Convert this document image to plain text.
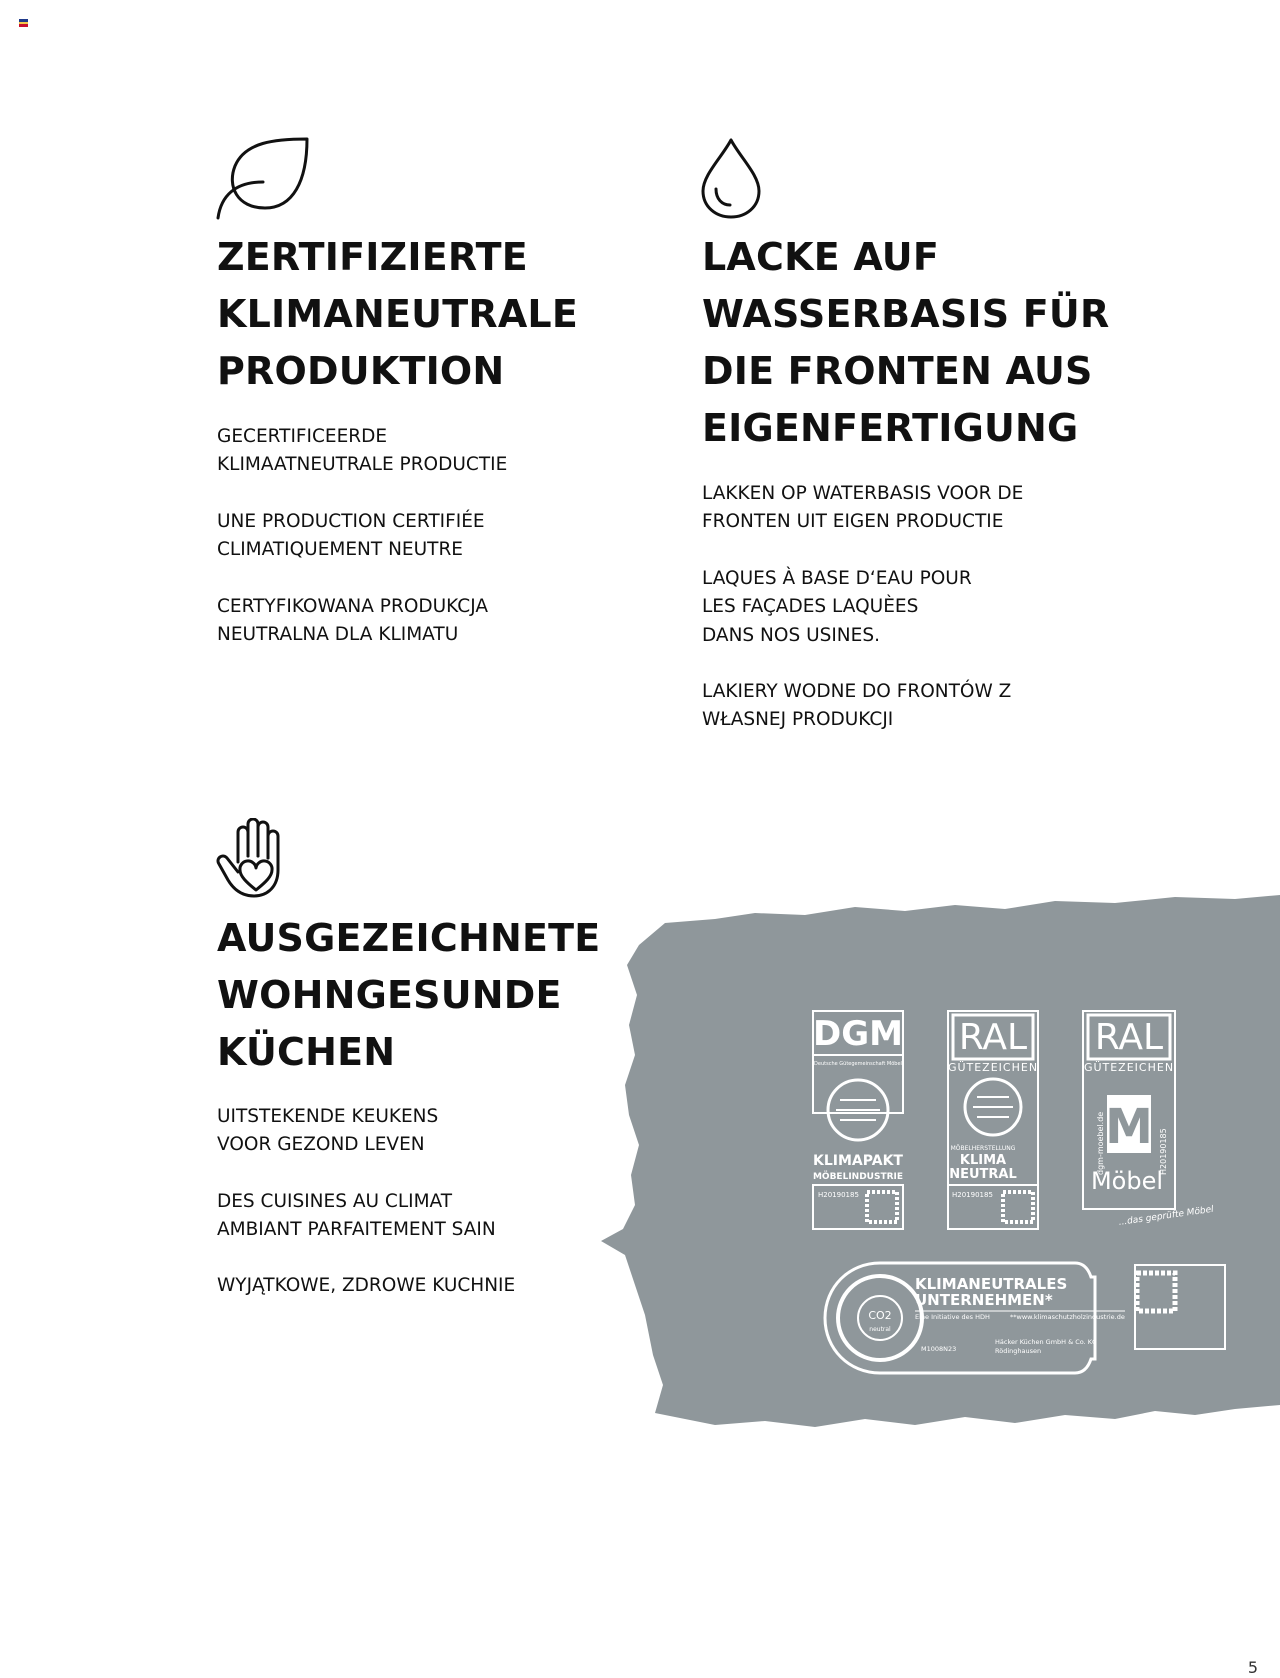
ZERTIFIZIERTE
KLIMANEUTRALE
PRODUKTION

GECERTIFICEERDE
KLIMAATNEUTRALE PRODUCTIE

UNE PRODUCTION CERTIFIÉE
CLIMATIQUEMENT NEUTRE

CERTYFIKOWANA PRODUKCJA
NEUTRALNA DLA KLIMATU

LACKE AUF
WASSERBASIS FÜR
DIE FRONTEN AUS
EIGENFERTIGUNG

LAKKEN OP WATERBASIS VOOR DE
FRONTEN UIT EIGEN PRODUCTIE

LAQUES À BASE D‘EAU POUR
LES FAÇADES LAQUÈES
DANS NOS USINES.

LAKIERY WODNE DO FRONTÓW Z
WŁASNEJ PRODUKCJI

AUSGEZEICHNETE
WOHNGESUNDE
KÜCHEN

UITSTEKENDE KEUKENS
VOOR GEZOND LEVEN

DES CUISINES AU CLIMAT
AMBIANT PARFAITEMENT SAIN

WYJĄTKOWE, ZDROWE KUCHNIE

DGM
Deutsche Gütegemeinschaft Möbel
KLIMAPAKT
MÖBELINDUSTRIE
H20190185
RAL
GÜTEZEICHEN
MÖBELHERSTELLUNG
KLIMA
NEUTRAL
H20190185
RAL
GÜTEZEICHEN
M
Möbel
dgm-moebel.de	H20190185
...das geprüfte Möbel
CO2
neutral
KLIMANEUTRALES
UNTERNEHMEN*
Eine Initiative des HDH	**www.klimaschutzholzindustrie.de
Häcker Küchen GmbH & Co. KG
Rödinghausen
M1008N23
5
